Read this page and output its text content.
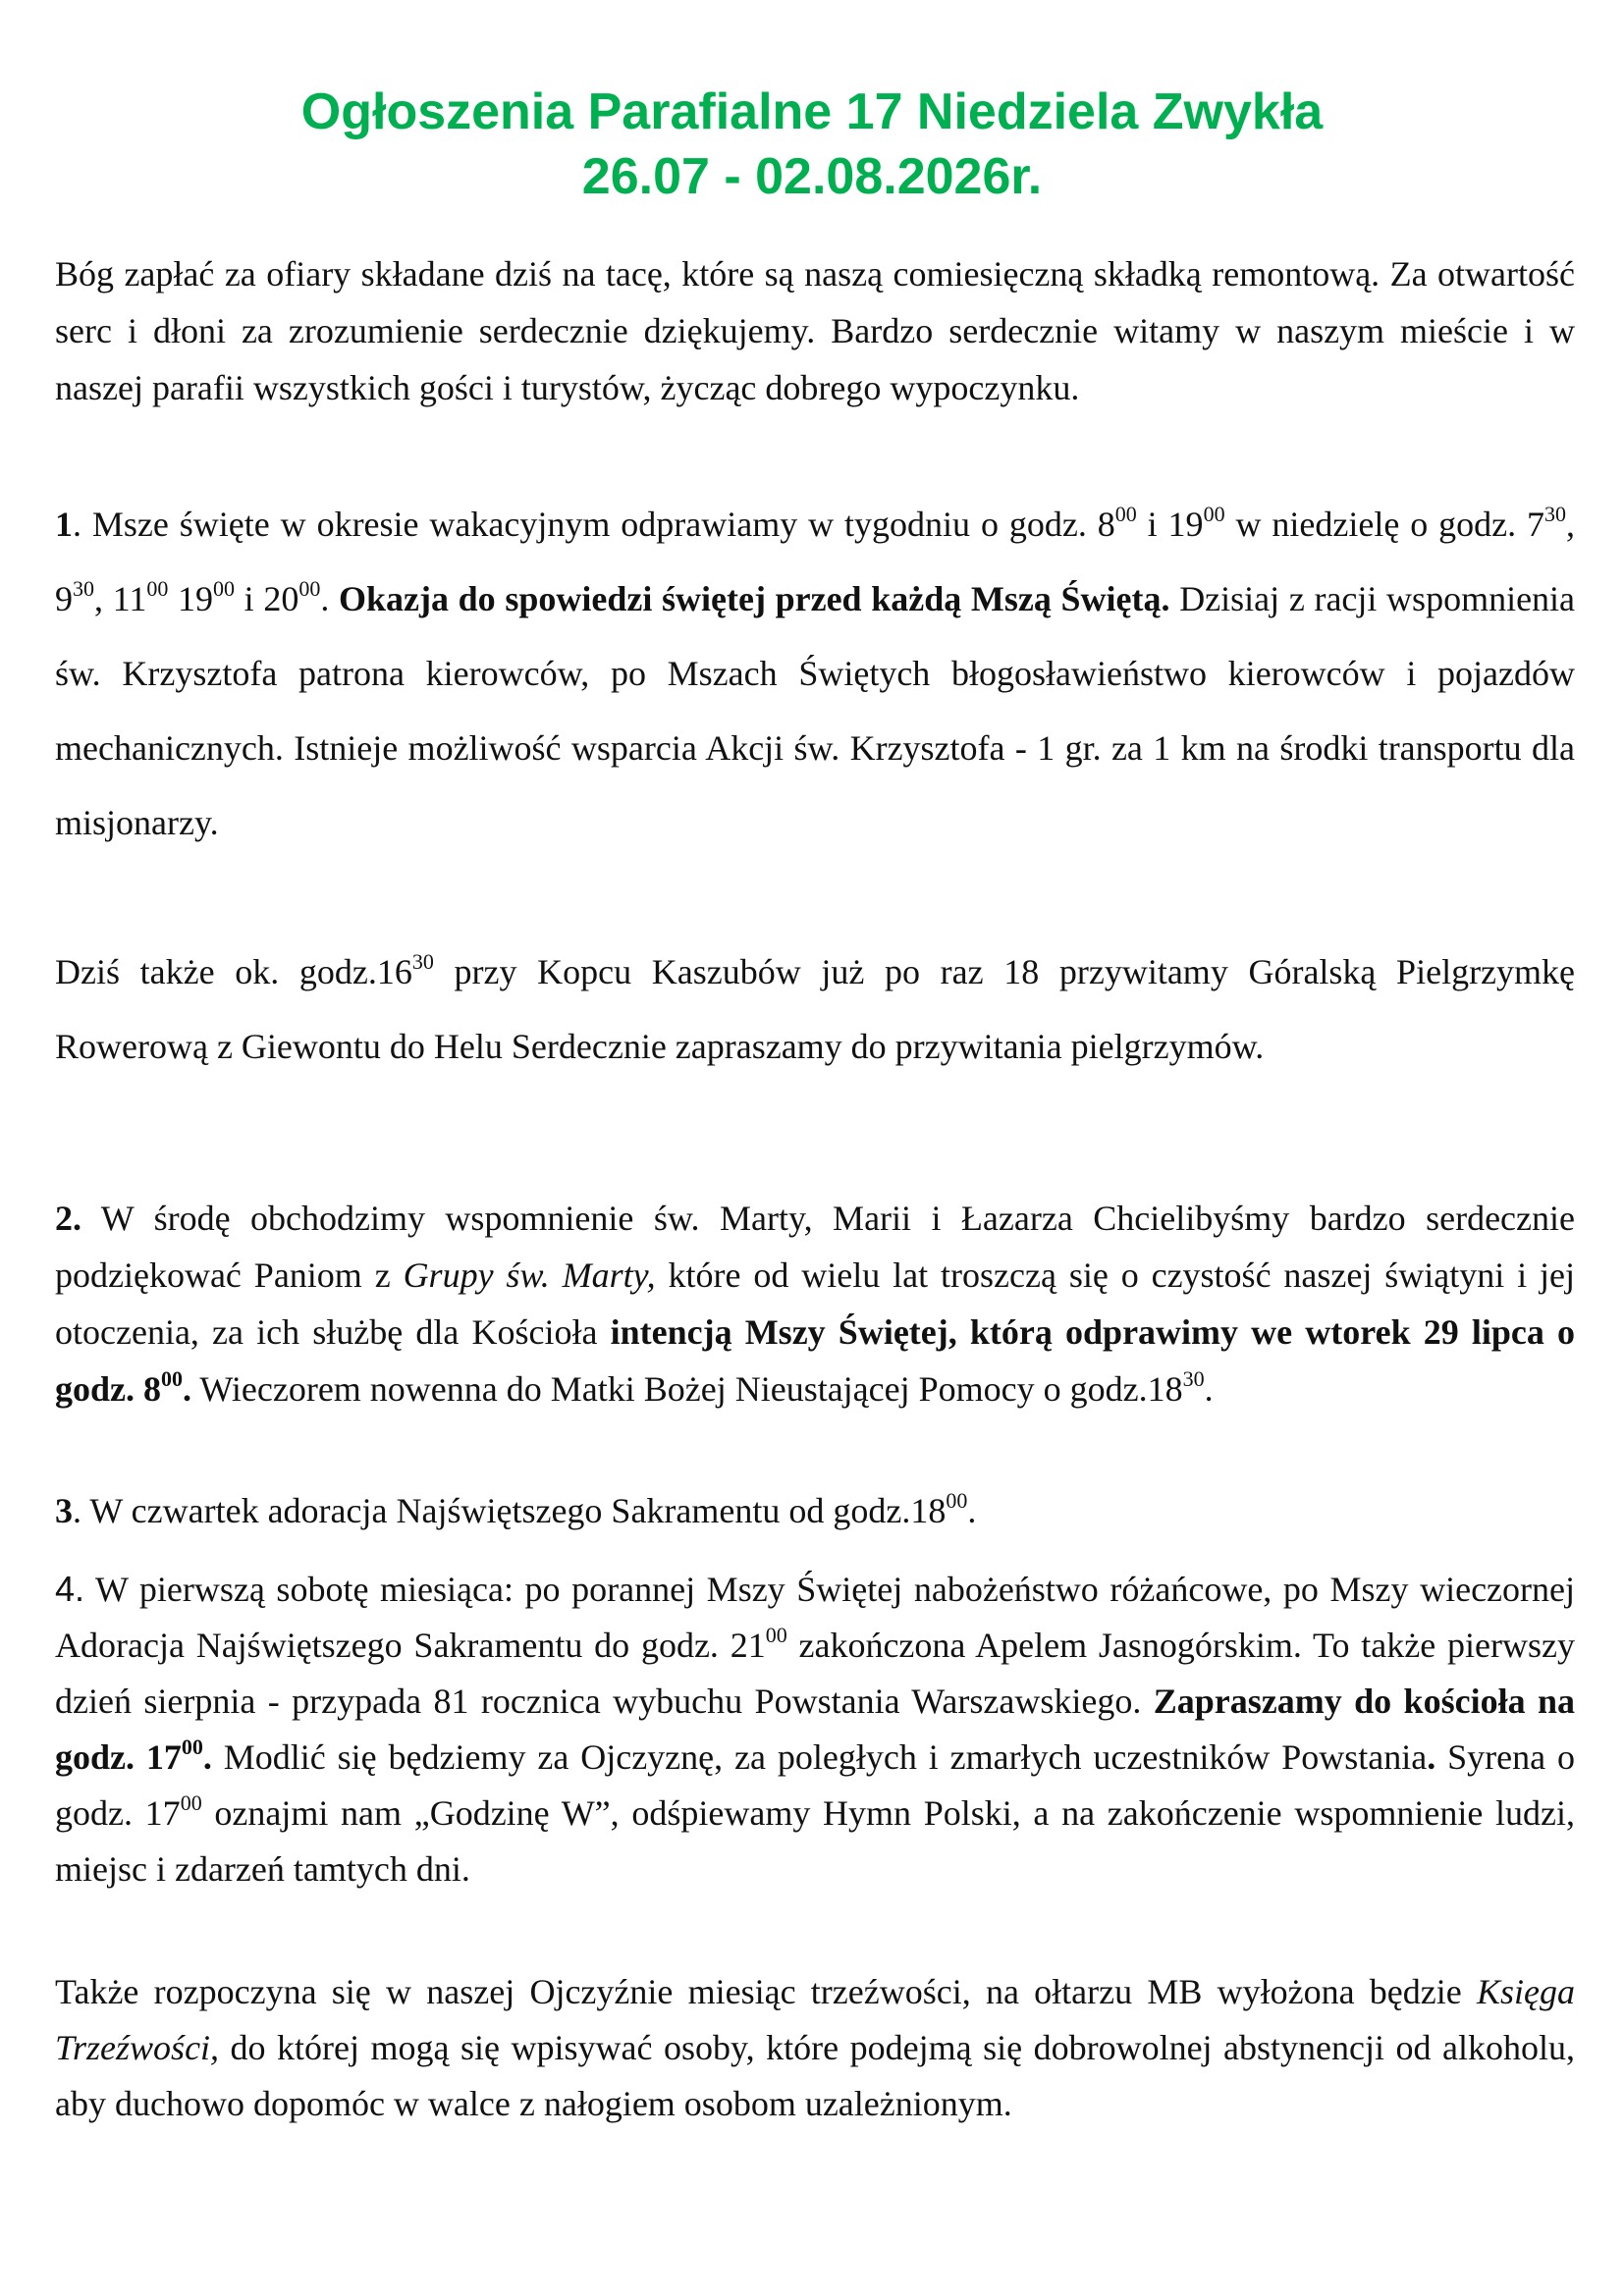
Ogłoszenia Parafialne 17 Niedziela Zwykła
26.07 - 02.08.2026r.

Bóg zapłać za ofiary składane dziś na tacę, które są naszą comiesięczną składką remontową. Za otwartość serc i dłoni za zrozumienie serdecznie dziękujemy. Bardzo serdecznie witamy w naszym mieście i w naszej parafii wszystkich gości i turystów, życząc dobrego wypoczynku.

1. Msze święte w okresie wakacyjnym odprawiamy w tygodniu o godz. $8^{00}$ i $19^{00}$ w niedzielę o godz. $7^{30}$, $9^{30}$, $11^{00}$ $19^{00}$ i $20^{00}$. Okazja do spowiedzi świętej przed każdą Mszą Świętą. Dzisiaj z racji wspomnienia św. Krzysztofa patrona kierowców, po Mszach Świętych błogosławieństwo kierowców i pojazdów mechanicznych. Istnieje możliwość wsparcia Akcji św. Krzysztofa - 1 gr. za 1 km na środki transportu dla misjonarzy.

Dziś także ok. $godz.16^{30}$ przy Kopcu Kaszubów już po raz 18 przywitamy Góralską Pielgrzymkę Rowerową z Giewontu do Helu Serdecznie zapraszamy do przywitania pielgrzymów.

2. W środę obchodzimy wspomnienie św. Marty, Marii i Łazarza Chcielibyśmy bardzo serdecznie podziękować Paniom z Grupy św. Marty, które od wielu lat troszczą się o czystość naszej świątyni i jej otoczenia, za ich służbę dla Kościoła intencją Mszy Świętej, którą odprawimy we wtorek 29 lipca o godz. $8^{00}$. Wieczorem nowenna do Matki Bożej Nieustającej Pomocy o $godz.18^{30}$.

3. W czwartek adoracja Najświętszego Sakramentu od $godz.18^{00}$.

4. W pierwszą sobotę miesiąca: po porannej Mszy Świętej nabożeństwo różańcowe, po Mszy wieczornej Adoracja Najświętszego Sakramentu do godz. $21^{00}$ zakończona Apelem Jasnogórskim. To także pierwszy dzień sierpnia - przypada 81 rocznica wybuchu Powstania Warszawskiego. Zapraszamy do kościoła na godz. $17^{00}$. Modlić się będziemy za Ojczyznę, za poległych i zmarłych uczestników Powstania. Syrena o godz. $17^{00}$ oznajmi nam „Godzinę W”, odśpiewamy Hymn Polski, a na zakończenie wspomnienie ludzi, miejsc i zdarzeń tamtych dni.

Także rozpoczyna się w naszej Ojczyźnie miesiąc trzeźwości, na ołtarzu MB wyłożona będzie Księga Trzeźwości, do której mogą się wpisywać osoby, które podejmą się dobrowolnej abstynencji od alkoholu, aby duchowo dopomóc w walce z nałogiem osobom uzależnionym.
